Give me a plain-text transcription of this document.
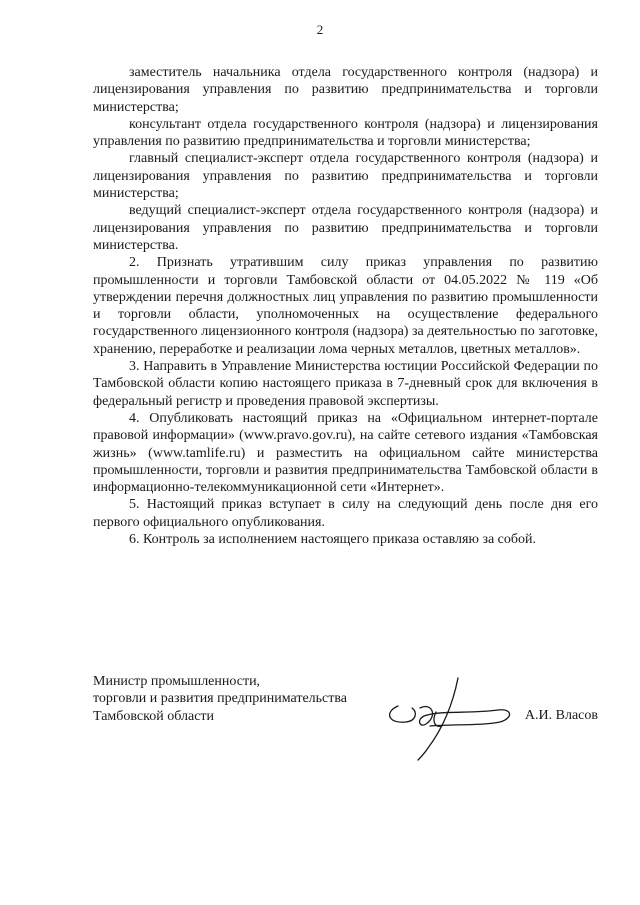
2

заместитель начальника отдела государственного контроля (надзора) и лицензирования управления по развитию предпринимательства и торговли министерства;

консультант отдела государственного контроля (надзора) и лицензирования управления по развитию предпринимательства и торговли министерства;

главный специалист-эксперт отдела государственного контроля (надзора) и лицензирования управления по развитию предпринимательства и торговли министерства;

ведущий специалист-эксперт отдела государственного контроля (надзора) и лицензирования управления по развитию предпринимательства и торговли министерства.

2. Признать утратившим силу приказ управления по развитию промышленности и торговли Тамбовской области от 04.05.2022 № 119 «Об утверждении перечня должностных лиц управления по развитию промышленности и торговли области, уполномоченных на осуществление федерального государственного лицензионного контроля (надзора) за деятельностью по заготовке, хранению, переработке и реализации лома черных металлов, цветных металлов».

3. Направить в Управление Министерства юстиции Российской Федерации по Тамбовской области копию настоящего приказа в 7-дневный срок для включения в федеральный регистр и проведения правовой экспертизы.

4. Опубликовать настоящий приказ на «Официальном интернет-портале правовой информации» (www.pravo.gov.ru), на сайте сетевого издания «Тамбовская жизнь» (www.tamlife.ru) и разместить на официальном сайте министерства промышленности, торговли и развития предпринимательства Тамбовской области в информационно-телекоммуникационной сети «Интернет».

5. Настоящий приказ вступает в силу на следующий день после дня его первого официального опубликования.

6. Контроль за исполнением настоящего приказа оставляю за собой.

Министр промышленности,
торговли и развития предпринимательства
Тамбовской области	А.И. Власов
